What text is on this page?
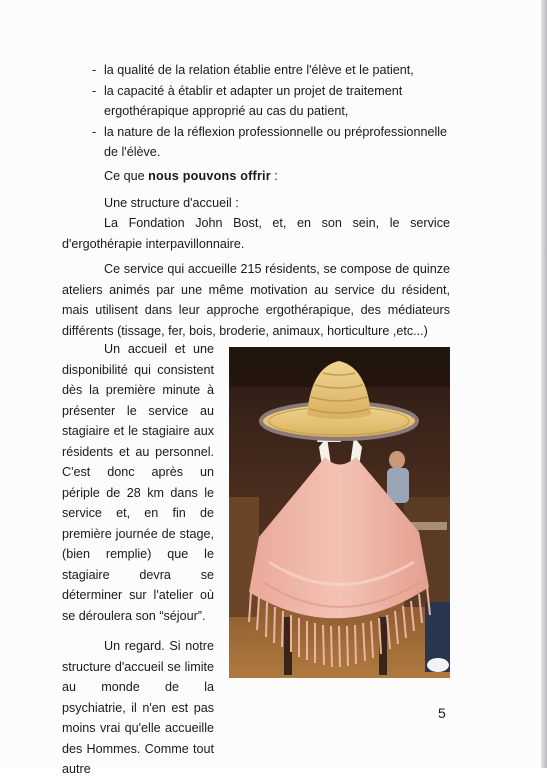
- la qualité de la relation établie entre l'élève et le patient,
- la capacité à établir et adapter un projet de traitement ergothérapique approprié au cas du patient,
- la nature de la réflexion professionnelle ou préprofessionnelle de l'élève.
Ce que nous pouvons offrir :
Une structure d'accueil :
La Fondation John Bost, et, en son sein, le service d'ergothérapie interpavillonnaire.
Ce service qui accueille 215 résidents, se compose de quinze ateliers animés par une même motivation au service du résident, mais utilisent dans leur approche ergothérapique, des médiateurs différents (tissage, fer, bois, broderie, animaux, horticulture ,etc...)

Un accueil et une disponibilité qui consistent dès la première minute à présenter le service au stagiaire et le stagiaire aux résidents et au personnel. C'est donc après un périple de 28 km dans le service et, en fin de première journée de stage, (bien remplie) que le stagiaire devra se déterminer sur l'atelier où se déroulera son “séjour”.

Un regard. Si notre structure d'accueil se limite au monde de la psychiatrie, il n'en est pas moins vrai qu'elle accueille des Hommes. Comme tout autre

5
